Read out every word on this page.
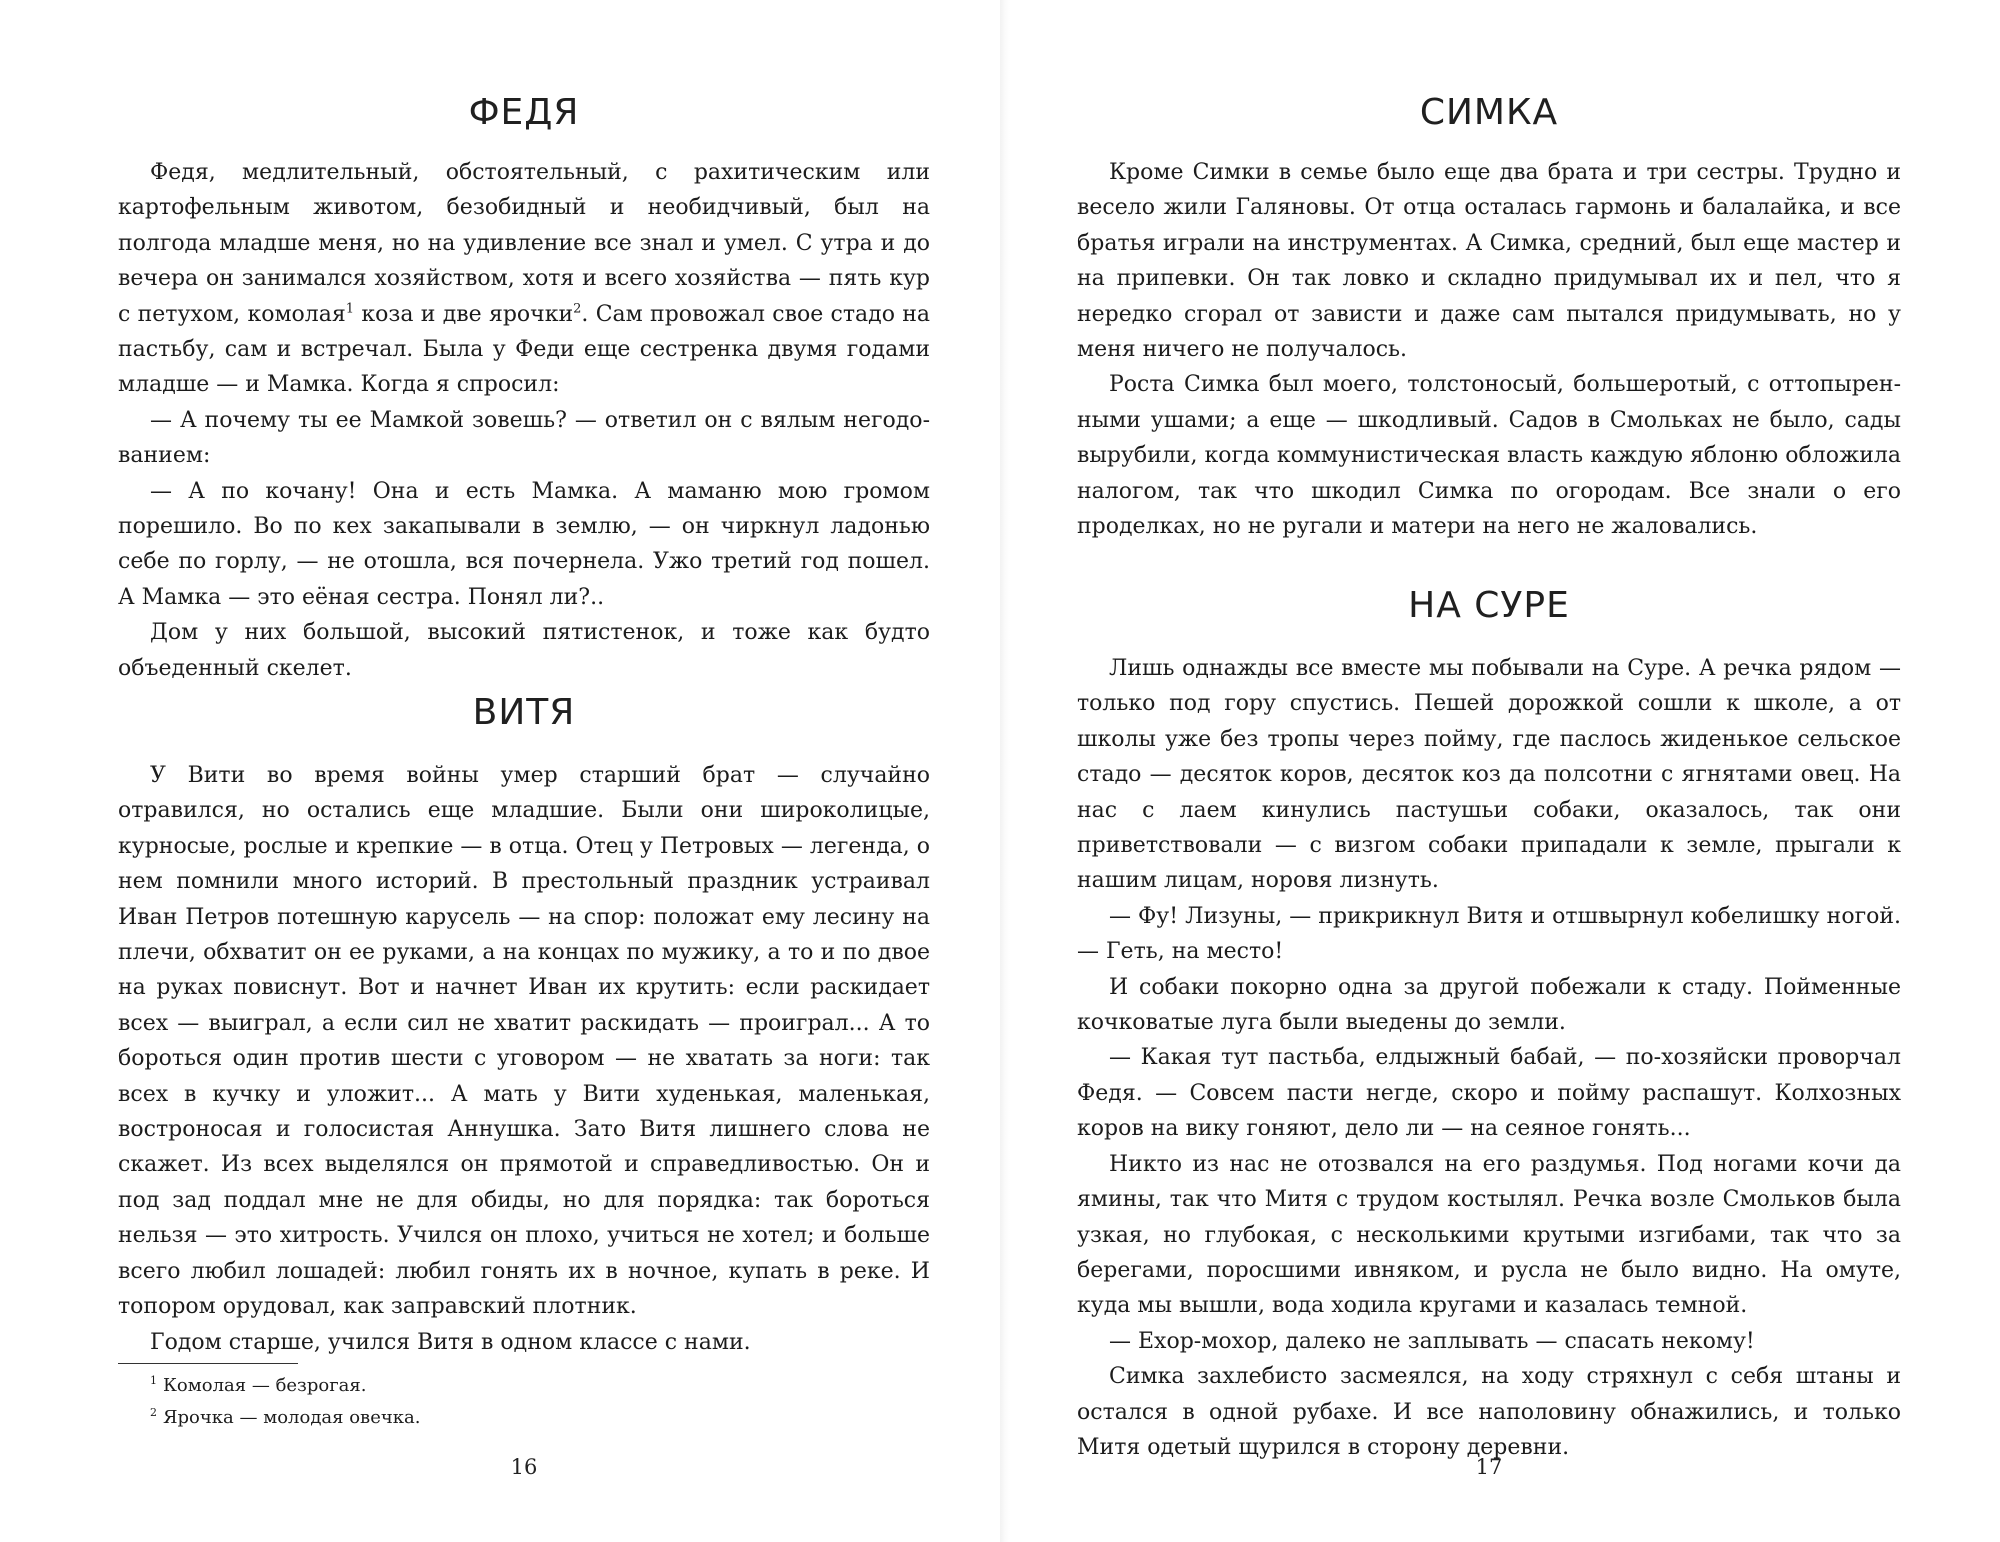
ФЕДЯ

Федя, медлительный, обстоятельный, с рахитическим или картофельным животом, безобидный и необидчивый, был на полгода младше меня, но на удивление все знал и умел. С утра и до вечера он занимался хозяйством, хотя и всего хозяйства — пять кур с петухом, комолая$^1$ коза и две ярочки$^2$. Сам провожал свое стадо на пастьбу, сам и встречал. Была у Феди еще сестренка двумя годами младше — и Мамка. Когда я спросил:

— А почему ты ее Мамкой зовешь? — ответил он с вялым негодованием:

— А по кочану! Она и есть Мамка. А маманю мою громом порешило. Во по кех закапывали в землю, — он чиркнул ладонью себе по горлу, — не отошла, вся почернела. Ужо третий год пошел. А Мамка — это еёная сестра. Понял ли?..

Дом у них большой, высокий пятистенок, и тоже как будто объеденный скелет.

ВИТЯ

У Вити во время войны умер старший брат — случайно отравился, но остались еще младшие. Были они широколицые, курносые, рослые и крепкие — в отца. Отец у Петровых — легенда, о нем помнили много историй. В престольный праздник устраивал Иван Петров потешную карусель — на спор: положат ему лесину на плечи, обхватит он ее руками, а на концах по мужику, а то и по двое на руках повиснут. Вот и начнет Иван их крутить: если раскидает всех — выиграл, а если сил не хватит раскидать — проиграл... А то бороться один против шести с уговором — не хватать за ноги: так всех в кучку и уложит... А мать у Вити худенькая, маленькая, востроносая и голосистая Аннушка. Зато Витя лишнего слова не скажет. Из всех выделялся он прямотой и справедливостью. Он и под зад поддал мне не для обиды, но для порядка: так бороться нельзя — это хитрость. Учился он плохо, учиться не хотел; и больше всего любил лошадей: любил гонять их в ночное, купать в реке. И топором орудовал, как заправский плотник.

Годом старше, учился Витя в одном классе с нами.

$^1$ Комолая — безрогая.

$^2$ Ярочка — молодая овечка.

16
СИМКА

Кроме Симки в семье было еще два брата и три сестры. Трудно и весело жили Галяновы. От отца осталась гармонь и балалайка, и все братья играли на инструментах. А Симка, средний, был еще мастер и на припевки. Он так ловко и складно придумывал их и пел, что я нередко сгорал от зависти и даже сам пытался придумывать, но у меня ничего не получалось.

Роста Симка был моего, толстоносый, большеротый, с оттопыренными ушами; а еще — шкодливый. Садов в Смольках не было, сады вырубили, когда коммунистическая власть каждую яблоню обложила налогом, так что шкодил Симка по огородам. Все знали о его проделках, но не ругали и матери на него не жаловались.

НА СУРЕ

Лишь однажды все вместе мы побывали на Суре. А речка рядом — только под гору спустись. Пешей дорожкой сошли к школе, а от школы уже без тропы через пойму, где паслось жиденькое сельское стадо — десяток коров, десяток коз да полсотни с ягнятами овец. На нас с лаем кинулись пастушьи собаки, оказалось, так они приветствовали — с визгом собаки припадали к земле, прыгали к нашим лицам, норовя лизнуть.

— Фу! Лизуны, — прикрикнул Витя и отшвырнул кобелишку ногой. — Геть, на место!

И собаки покорно одна за другой побежали к стаду. Пойменные кочковатые луга были выедены до земли.

— Какая тут пастьба, елдыжный бабай, — по-хозяйски проворчал Федя. — Совсем пасти негде, скоро и пойму распашут. Колхозных коров на вику гоняют, дело ли — на сеяное гонять...

Никто из нас не отозвался на его раздумья. Под ногами кочи да ямины, так что Митя с трудом костылял. Речка возле Смольков была узкая, но глубокая, с несколькими крутыми изгибами, так что за берегами, поросшими ивняком, и русла не было видно. На омуте, куда мы вышли, вода ходила кругами и казалась темной.

— Ехор-мохор, далеко не заплывать — спасать некому!

Симка захлебисто засмеялся, на ходу стряхнул с себя штаны и остался в одной рубахе. И все наполовину обнажились, и только Митя одетый щурился в сторону деревни.

17
